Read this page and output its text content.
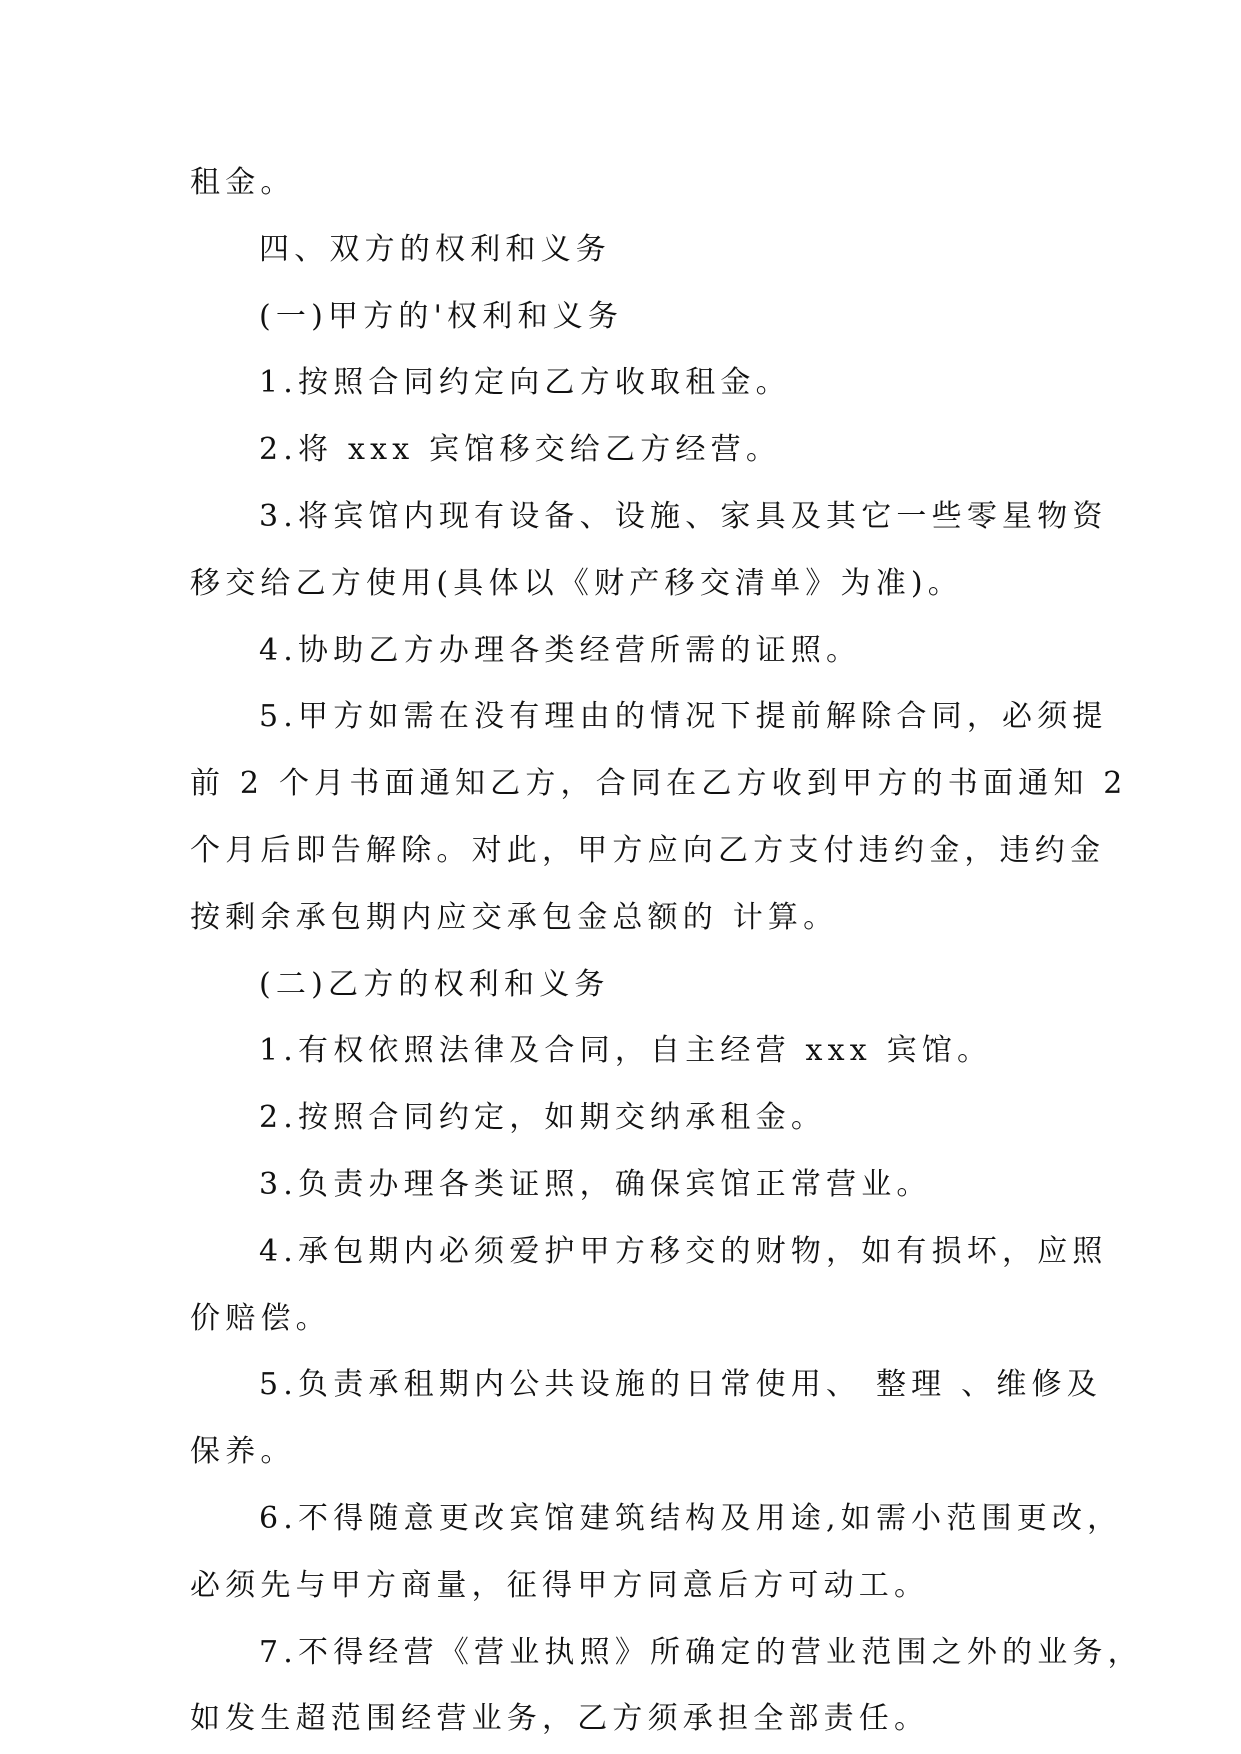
租金。
四、双方的权利和义务
(一)甲方的'权利和义务
1.按照合同约定向乙方收取租金。
2.将 xxx 宾馆移交给乙方经营。
3.将宾馆内现有设备、设施、家具及其它一些零星物资
移交给乙方使用(具体以《财产移交清单》为准)。
4.协助乙方办理各类经营所需的证照。
5.甲方如需在没有理由的情况下提前解除合同，必须提
前 2 个月书面通知乙方，合同在乙方收到甲方的书面通知 2
个月后即告解除。对此，甲方应向乙方支付违约金，违约金
按剩余承包期内应交承包金总额的 计算。
(二)乙方的权利和义务
1.有权依照法律及合同，自主经营 xxx 宾馆。
2.按照合同约定，如期交纳承租金。
3.负责办理各类证照，确保宾馆正常营业。
4.承包期内必须爱护甲方移交的财物，如有损坏，应照
价赔偿。
5.负责承租期内公共设施的日常使用、 整理 、维修及
保养。
6.不得随意更改宾馆建筑结构及用途,如需小范围更改，
必须先与甲方商量，征得甲方同意后方可动工。
7.不得经营《营业执照》所确定的营业范围之外的业务，
如发生超范围经营业务，乙方须承担全部责任。
